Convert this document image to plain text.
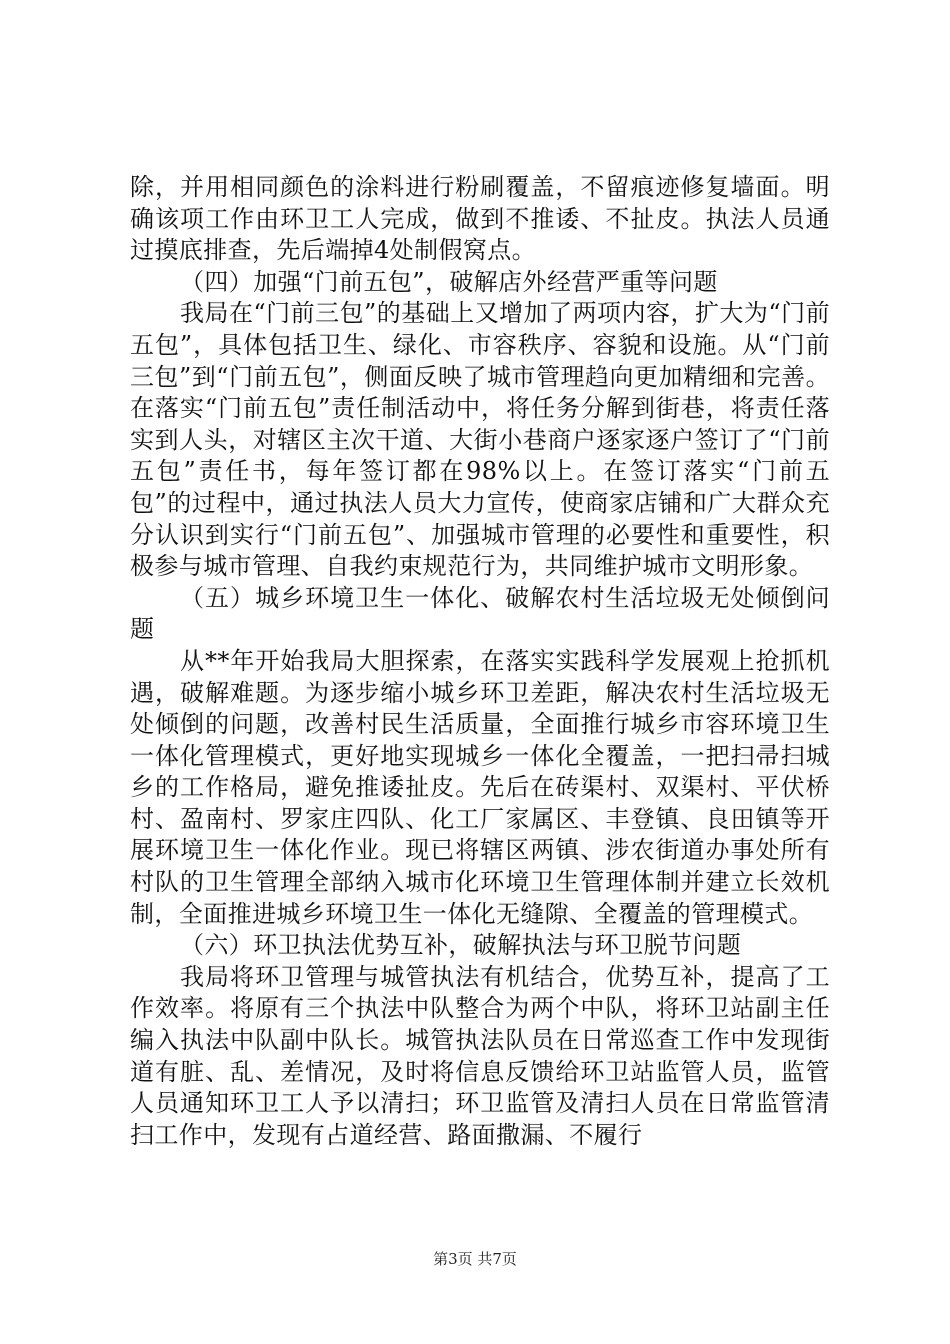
除，并用相同颜色的涂料进行粉刷覆盖，不留痕迹修复墙面。明确该项工作由环卫工人完成，做到不推诿、不扯皮。执法人员通过摸底排查，先后端掉4处制假窝点。

（四）加强“门前五包”，破解店外经营严重等问题

我局在“门前三包”的基础上又增加了两项内容，扩大为“门前五包”，具体包括卫生、绿化、市容秩序、容貌和设施。从“门前三包”到“门前五包”，侧面反映了城市管理趋向更加精细和完善。在落实“门前五包”责任制活动中，将任务分解到街巷，将责任落实到人头，对辖区主次干道、大街小巷商户逐家逐户签订了“门前五包”责任书，每年签订都在98%以上。在签订落实“门前五包”的过程中，通过执法人员大力宣传，使商家店铺和广大群众充分认识到实行“门前五包”、加强城市管理的必要性和重要性，积极参与城市管理、自我约束规范行为，共同维护城市文明形象。

（五）城乡环境卫生一体化、破解农村生活垃圾无处倾倒问题

从**年开始我局大胆探索，在落实实践科学发展观上抢抓机遇，破解难题。为逐步缩小城乡环卫差距，解决农村生活垃圾无处倾倒的问题，改善村民生活质量，全面推行城乡市容环境卫生一体化管理模式，更好地实现城乡一体化全覆盖，一把扫帚扫城乡的工作格局，避免推诿扯皮。先后在砖渠村、双渠村、平伏桥村、盈南村、罗家庄四队、化工厂家属区、丰登镇、良田镇等开展环境卫生一体化作业。现已将辖区两镇、涉农街道办事处所有村队的卫生管理全部纳入城市化环境卫生管理体制并建立长效机制，全面推进城乡环境卫生一体化无缝隙、全覆盖的管理模式。

（六）环卫执法优势互补，破解执法与环卫脱节问题

我局将环卫管理与城管执法有机结合，优势互补，提高了工作效率。将原有三个执法中队整合为两个中队，将环卫站副主任编入执法中队副中队长。城管执法队员在日常巡查工作中发现街道有脏、乱、差情况，及时将信息反馈给环卫站监管人员，监管人员通知环卫工人予以清扫；环卫监管及清扫人员在日常监管清扫工作中，发现有占道经营、路面撒漏、不履行

第3页 共7页
